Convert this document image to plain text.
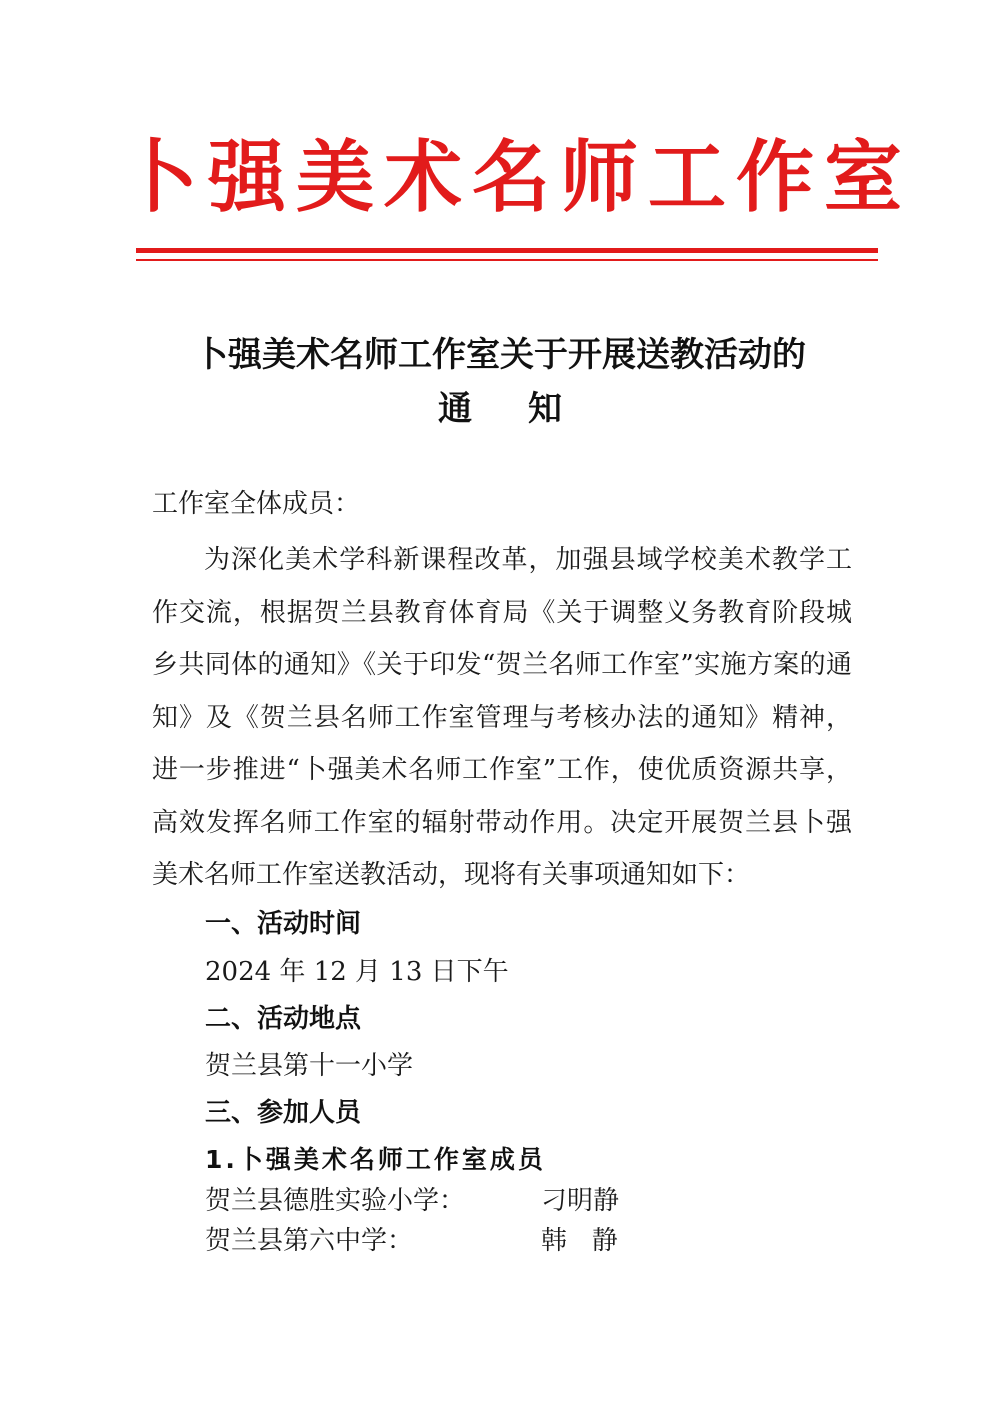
卜强美术名师工作室
卜强美术名师工作室关于开展送教活动的
通知
工作室全体成员：
为深化美术学科新课程改革，加强县域学校美术教学工作交流，根据贺兰县教育体育局《关于调整义务教育阶段城乡共同体的通知》《关于印发“贺兰名师工作室”实施方案的通知》及《贺兰县名师工作室管理与考核办法的通知》精神，进一步推进“卜强美术名师工作室”工作，使优质资源共享，高效发挥名师工作室的辐射带动作用。决定开展贺兰县卜强美术名师工作室送教活动，现将有关事项通知如下：
一、活动时间
2024 年 12 月 13 日下午
二、活动地点
贺兰县第十一小学
三、参加人员
1.卜强美术名师工作室成员
贺兰县德胜实验小学：	刁明静
贺兰县第六中学：	韩   静
